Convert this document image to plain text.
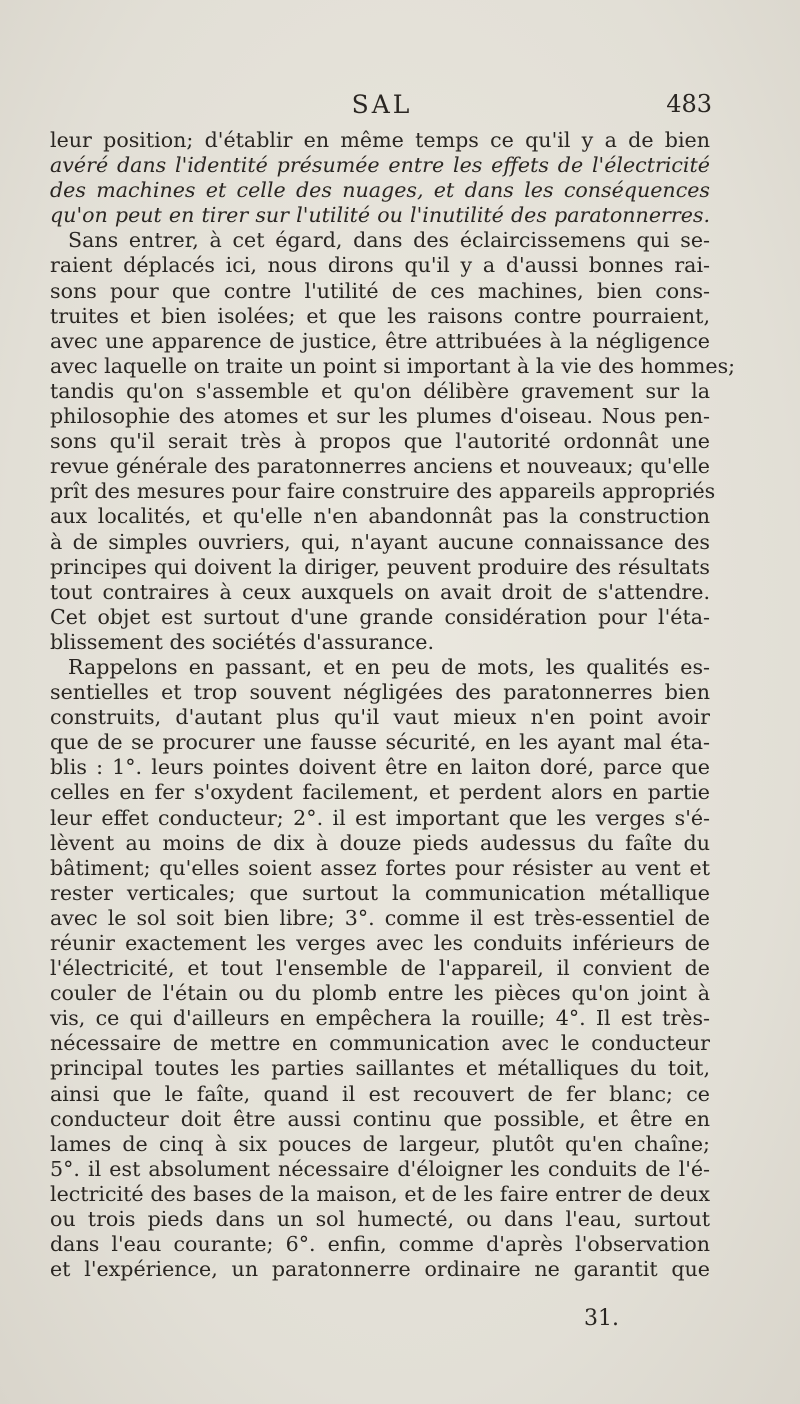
SAL	483
leur position; d'établir en même temps ce qu'il y a de bien
avéré dans l'identité présumée entre les effets de l'électricité
des machines et celle des nuages, et dans les conséquences
qu'on peut en tirer sur l'utilité ou l'inutilité des paratonnerres.
Sans entrer, à cet égard, dans des éclaircissemens qui se-
raient déplacés ici, nous dirons qu'il y a d'aussi bonnes rai-
sons pour que contre l'utilité de ces machines, bien cons-
truites et bien isolées; et que les raisons contre pourraient,
avec une apparence de justice, être attribuées à la négligence
avec laquelle on traite un point si important à la vie des hommes;
tandis qu'on s'assemble et qu'on délibère gravement sur la
philosophie des atomes et sur les plumes d'oiseau. Nous pen-
sons qu'il serait très à propos que l'autorité ordonnât une
revue générale des paratonnerres anciens et nouveaux; qu'elle
prît des mesures pour faire construire des appareils appropriés
aux localités, et qu'elle n'en abandonnât pas la construction
à de simples ouvriers, qui, n'ayant aucune connaissance des
principes qui doivent la diriger, peuvent produire des résultats
tout contraires à ceux auxquels on avait droit de s'attendre.
Cet objet est surtout d'une grande considération pour l'éta-
blissement des sociétés d'assurance.
Rappelons en passant, et en peu de mots, les qualités es-
sentielles et trop souvent négligées des paratonnerres bien
construits, d'autant plus qu'il vaut mieux n'en point avoir
que de se procurer une fausse sécurité, en les ayant mal éta-
blis : 1°. leurs pointes doivent être en laiton doré, parce que
celles en fer s'oxydent facilement, et perdent alors en partie
leur effet conducteur; 2°. il est important que les verges s'é-
lèvent au moins de dix à douze pieds audessus du faîte du
bâtiment; qu'elles soient assez fortes pour résister au vent et
rester verticales; que surtout la communication métallique
avec le sol soit bien libre; 3°. comme il est très-essentiel de
réunir exactement les verges avec les conduits inférieurs de
l'électricité, et tout l'ensemble de l'appareil, il convient de
couler de l'étain ou du plomb entre les pièces qu'on joint à
vis, ce qui d'ailleurs en empêchera la rouille; 4°. Il est très-
nécessaire de mettre en communication avec le conducteur
principal toutes les parties saillantes et métalliques du toit,
ainsi que le faîte, quand il est recouvert de fer blanc; ce
conducteur doit être aussi continu que possible, et être en
lames de cinq à six pouces de largeur, plutôt qu'en chaîne;
5°. il est absolument nécessaire d'éloigner les conduits de l'é-
lectricité des bases de la maison, et de les faire entrer de deux
ou trois pieds dans un sol humecté, ou dans l'eau, surtout
dans l'eau courante; 6°. enfin, comme d'après l'observation
et l'expérience, un paratonnerre ordinaire ne garantit que
31.
